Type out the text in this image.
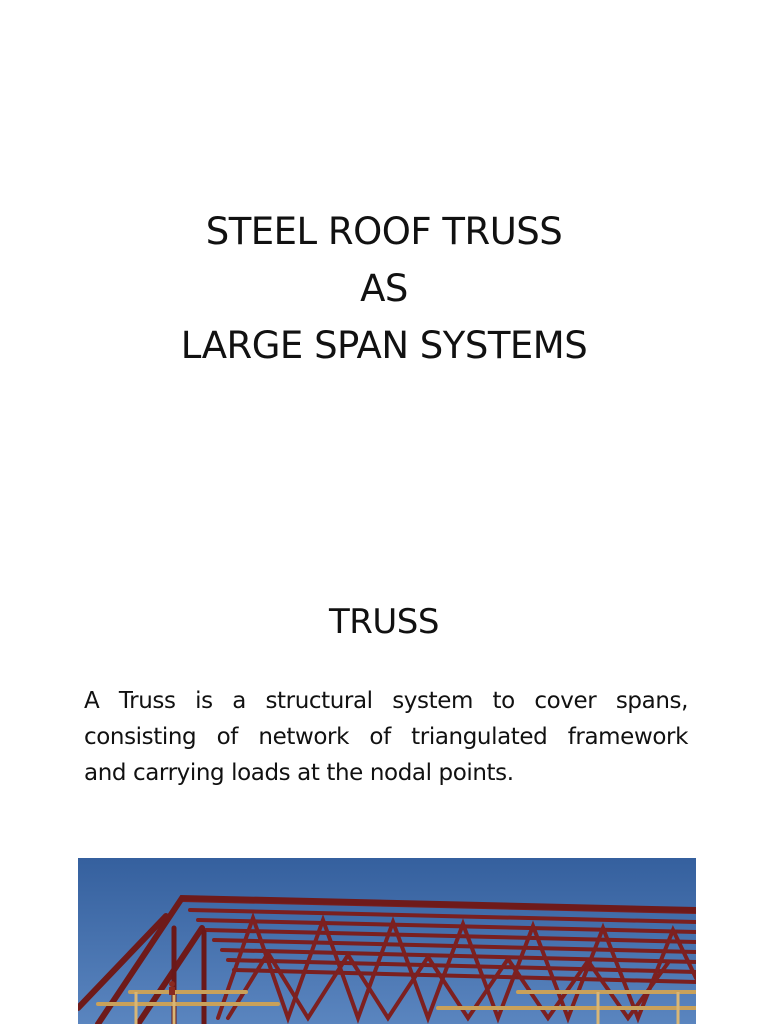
STEEL ROOF TRUSS
AS
LARGE SPAN SYSTEMS
TRUSS
A Truss is a structural system to cover spans,
consisting of network of triangulated framework
and carrying loads at the nodal points.
